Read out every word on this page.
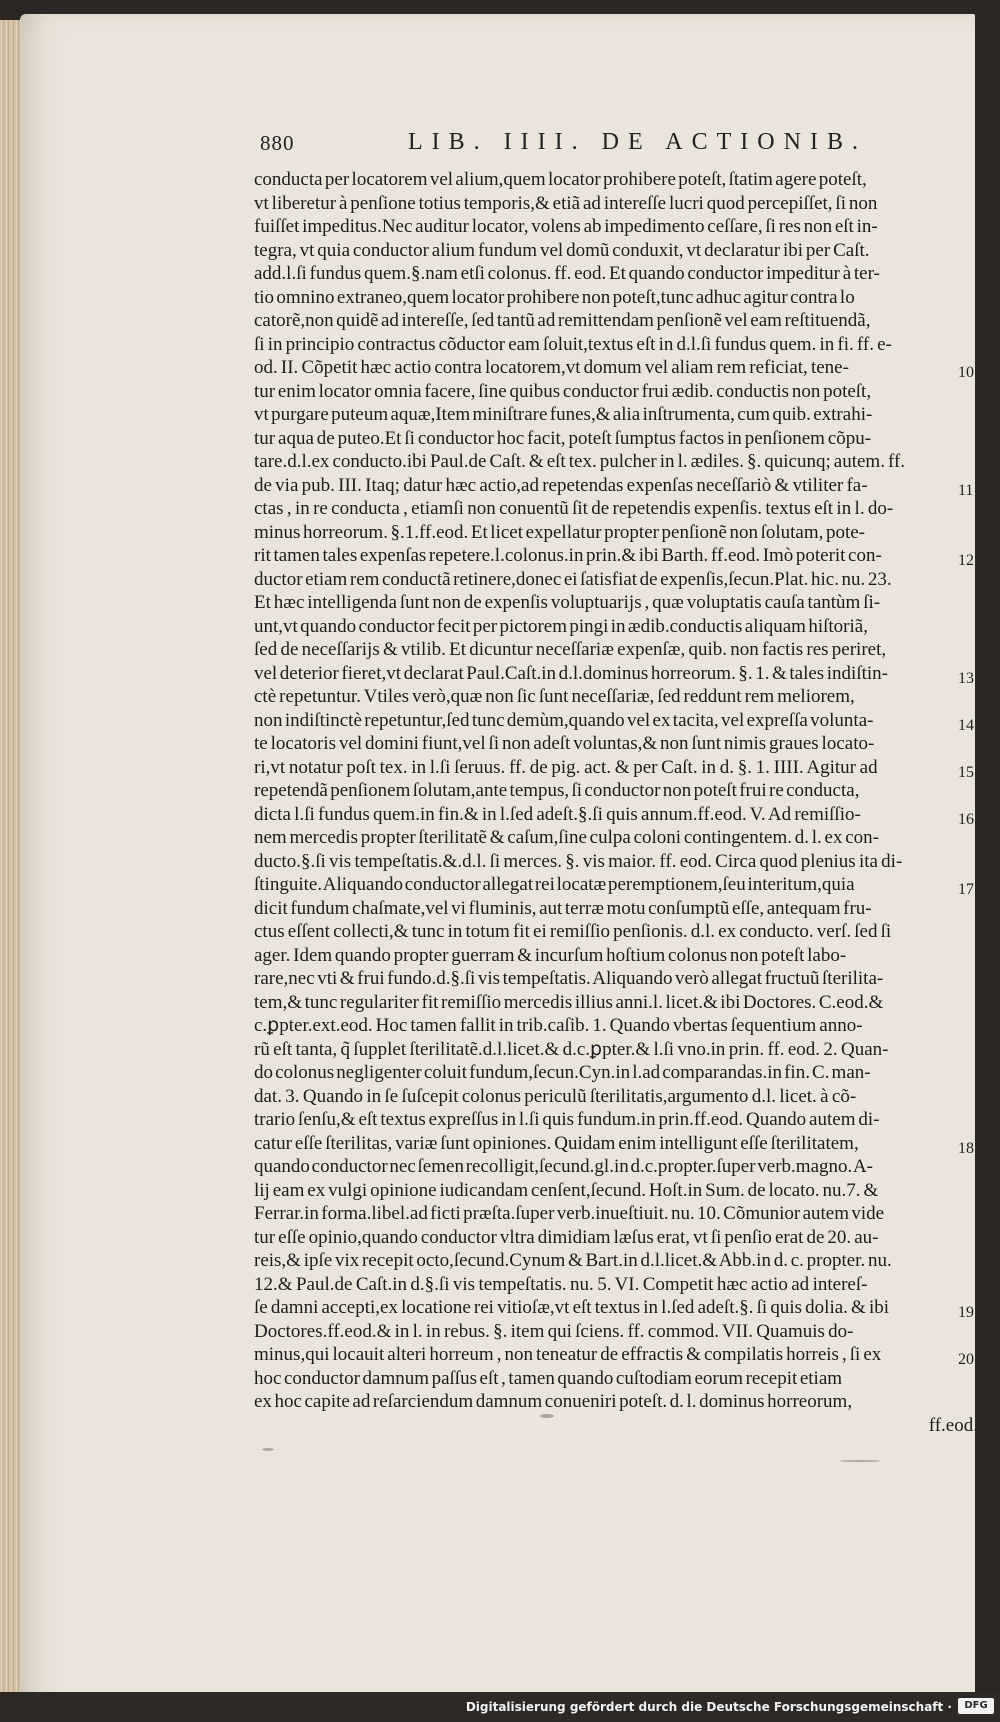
880	LIB. IIII. DE ACTIONIB.
conducta per locatorem vel alium,quem locator prohibere poteſt, ſtatim agere poteſt,
vt liberetur à penſione totius temporis,& etiã ad intereſſe lucri quod percepiſſet, ſi non
fuiſſet impeditus.Nec auditur locator, volens ab impedimento ceſſare, ſi res non eſt in-
tegra, vt quia conductor alium fundum vel domũ conduxit, vt declaratur ibi per Caſt.
add.l.ſi fundus quem.§.nam etſi colonus. ff. eod. Et quando conductor impeditur à ter-
tio omnino extraneo,quem locator prohibere non poteſt,tunc adhuc agitur contra lo
catorẽ,non quidẽ ad intereſſe, ſed tantũ ad remittendam penſionẽ vel eam reſtituendã,
ſi in principio contractus cõductor eam ſoluit,textus eſt in d.l.ſi fundus quem. in fi. ff. e-
od. II. Cõpetit hæc actio contra locatorem,vt domum vel aliam rem reficiat, tene-
tur enim locator omnia facere, ſine quibus conductor frui ædib. conductis non poteſt,
vt purgare puteum aquæ,Item miniſtrare funes,& alia inſtrumenta, cum quib. extrahi-
tur aqua de puteo.Et ſi conductor hoc facit, poteſt ſumptus factos in penſionem cõpu-
tare.d.l.ex conducto.ibi Paul.de Caſt. & eſt tex. pulcher in l. ædiles. §. quicunq; autem. ff.
de via pub. III. Itaq; datur hæc actio,ad repetendas expenſas neceſſariò & vtiliter fa-
ctas , in re conducta , etiamſi non conuentũ ſit de repetendis expenſis. textus eſt in l. do-
minus horreorum. §.1.ff.eod. Et licet expellatur propter penſionẽ non ſolutam, pote-
rit tamen tales expenſas repetere.l.colonus.in prin.& ibi Barth. ff.eod. Imò poterit con-
ductor etiam rem conductã retinere,donec ei ſatisfiat de expenſis,ſecun.Plat. hic. nu. 23.
Et hæc intelligenda ſunt non de expenſis voluptuarijs , quæ voluptatis cauſa tantùm ſi-
unt,vt quando conductor fecit per pictorem pingi in ædib.conductis aliquam hiſtoriã,
ſed de neceſſarijs & vtilib. Et dicuntur neceſſariæ expenſæ, quib. non factis res periret,
vel deterior fieret,vt declarat Paul.Caſt.in d.l.dominus horreorum. §. 1. & tales indiſtin-
ctè repetuntur. Vtiles verò,quæ non ſic ſunt neceſſariæ, ſed reddunt rem meliorem,
non indiſtinctè repetuntur,ſed tunc demùm,quando vel ex tacita, vel expreſſa volunta-
te locatoris vel domini fiunt,vel ſi non adeſt voluntas,& non ſunt nimis graues locato-
ri,vt notatur poſt tex. in l.ſi ſeruus. ff. de pig. act. & per Caſt. in d. §. 1. IIII. Agitur ad
repetendã penſionem ſolutam,ante tempus, ſi conductor non poteſt frui re conducta,
dicta l.ſi fundus quem.in fin.& in l.ſed adeſt.§.ſi quis annum.ff.eod. V. Ad remiſſio-
nem mercedis propter ſterilitatẽ & caſum,ſine culpa coloni contingentem. d. l. ex con-
ducto.§.ſi vis tempeſtatis.&.d.l. ſi merces. §. vis maior. ff. eod. Circa quod plenius ita di-
ſtinguite. Aliquando conductor allegat rei locatæ peremptionem,ſeu interitum,quia
dicit fundum chaſmate,vel vi fluminis, aut terræ motu conſumptũ eſſe, antequam fru-
ctus eſſent collecti,& tunc in totum fit ei remiſſio penſionis. d.l. ex conducto. verſ. ſed ſi
ager. Idem quando propter guerram & incurſum hoſtium colonus non poteſt labo-
rare,nec vti & frui fundo.d.§.ſi vis tempeſtatis. Aliquando verò allegat fructuũ ſterilita-
tem,& tunc regulariter fit remiſſio mercedis illius anni.l. licet.& ibi Doctores. C.eod.&
c.ꝑpter.ext.eod. Hoc tamen fallit in trib.caſib. 1. Quando vbertas ſequentium anno-
rũ eſt tanta, q̃ ſupplet ſterilitatẽ.d.l.licet.& d.c.ꝑpter.& l.ſi vno.in prin. ff. eod. 2. Quan-
do colonus negligenter coluit fundum,ſecun.Cyn.in l.ad comparandas.in fin. C. man-
dat. 3. Quando in ſe ſuſcepit colonus periculũ ſterilitatis,argumento d.l. licet. à cõ-
trario ſenſu,& eſt textus expreſſus in l.ſi quis fundum.in prin.ff.eod. Quando autem di-
catur eſſe ſterilitas, variæ ſunt opiniones. Quidam enim intelligunt eſſe ſterilitatem,
quando conductor nec ſemen recolligit,ſecund.gl.in d.c.propter.ſuper verb.magno. A-
lij eam ex vulgi opinione iudicandam cenſent,ſecund. Hoſt.in Sum. de locato. nu.7. &
Ferrar.in forma.libel.ad ficti præſta.ſuper verb.inueſtiuit. nu. 10. Cõmunior autem vide
tur eſſe opinio,quando conductor vltra dimidiam læſus erat, vt ſi penſio erat de 20. au-
reis,& ipſe vix recepit octo,ſecund.Cynum & Bart.in d.l.licet.& Abb.in d. c. propter. nu.
12.& Paul.de Caſt.in d.§.ſi vis tempeſtatis. nu. 5. VI. Competit hæc actio ad intereſ-
ſe damni accepti,ex locatione rei vitioſæ,vt eſt textus in l.ſed adeſt.§. ſi quis dolia. & ibi
Doctores.ff.eod.& in l. in rebus. §. item qui ſciens. ff. commod. VII. Quamuis do-
minus,qui locauit alteri horreum , non teneatur de effractis & compilatis horreis , ſi ex
hoc conductor damnum paſſus eſt , tamen quando cuſtodiam eorum recepit etiam
ex hoc capite ad reſarciendum damnum conueniri poteſt. d. l. dominus horreorum,
ff.eod.
10
11
12
13
14
15
16
17
18
19
20
Digitalisierung gefördert durch die Deutsche Forschungsgemeinschaft ·	DFG
